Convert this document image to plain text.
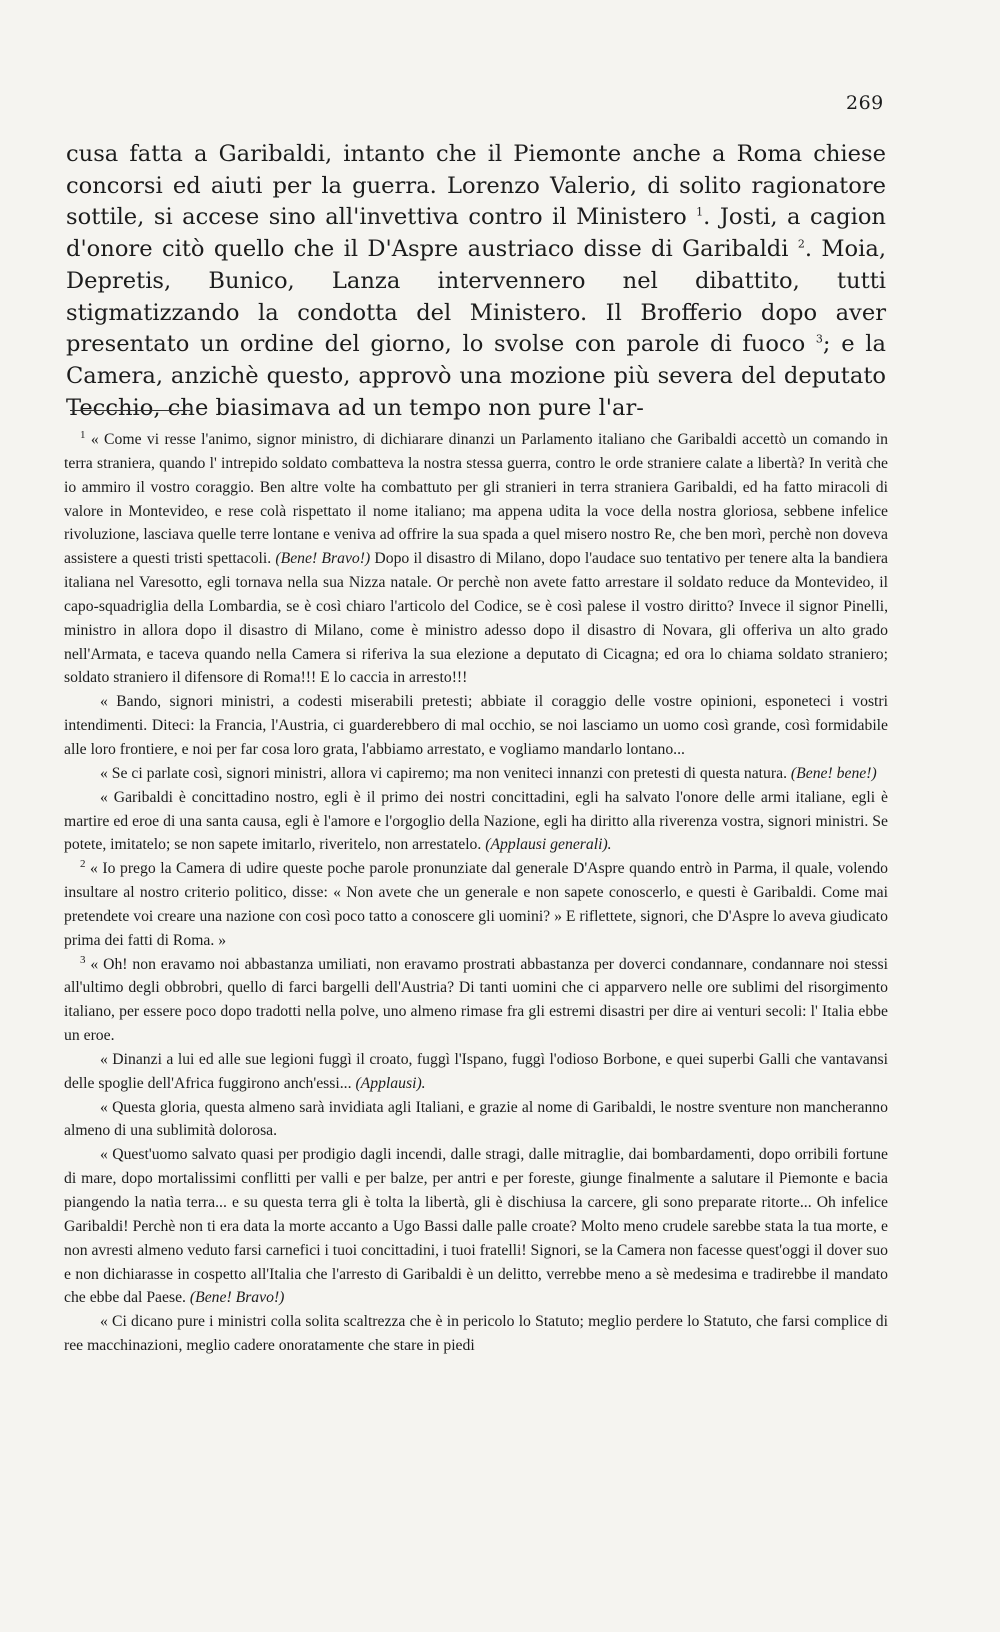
269

cusa fatta a Garibaldi, intanto che il Piemonte anche a Roma chiese concorsi ed aiuti per la guerra. Lorenzo Valerio, di solito ragionatore sottile, si accese sino all'invettiva contro il Ministero $^1$. Josti, a cagion d'onore citò quello che il D'Aspre austriaco disse di Garibaldi $^2$. Moia, Depretis, Bunico, Lanza intervennero nel dibattito, tutti stigmatizzando la condotta del Ministero. Il Brofferio dopo aver presentato un ordine del giorno, lo svolse con parole di fuoco $^3$; e la Camera, anzichè questo, approvò una mozione più severa del deputato Tecchio, che biasimava ad un tempo non pure l'ar-

$^1$ « Come vi resse l'animo, signor ministro, di dichiarare dinanzi un Parlamento italiano che Garibaldi accettò un comando in terra straniera, quando l' intrepido soldato combatteva la nostra stessa guerra, contro le orde straniere calate a libertà? In verità che io ammiro il vostro coraggio. Ben altre volte ha combattuto per gli stranieri in terra straniera Garibaldi, ed ha fatto miracoli di valore in Montevideo, e rese colà rispettato il nome italiano; ma appena udita la voce della nostra gloriosa, sebbene infelice rivoluzione, lasciava quelle terre lontane e veniva ad offrire la sua spada a quel misero nostro Re, che ben morì, perchè non doveva assistere a questi tristi spettacoli. (Bene! Bravo!) Dopo il disastro di Milano, dopo l'audace suo tentativo per tenere alta la bandiera italiana nel Varesotto, egli tornava nella sua Nizza natale. Or perchè non avete fatto arrestare il soldato reduce da Montevideo, il capo-squadriglia della Lombardia, se è così chiaro l'articolo del Codice, se è così palese il vostro diritto? Invece il signor Pinelli, ministro in allora dopo il disastro di Milano, come è ministro adesso dopo il disastro di Novara, gli offeriva un alto grado nell'Armata, e taceva quando nella Camera si riferiva la sua elezione a deputato di Cicagna; ed ora lo chiama soldato straniero; soldato straniero il difensore di Roma!!! E lo caccia in arresto!!!

« Bando, signori ministri, a codesti miserabili pretesti; abbiate il coraggio delle vostre opinioni, esponeteci i vostri intendimenti. Diteci: la Francia, l'Austria, ci guarderebbero di mal occhio, se noi lasciamo un uomo così grande, così formidabile alle loro frontiere, e noi per far cosa loro grata, l'abbiamo arrestato, e vogliamo mandarlo lontano...

« Se ci parlate così, signori ministri, allora vi capiremo; ma non veniteci innanzi con pretesti di questa natura. (Bene! bene!)

« Garibaldi è concittadino nostro, egli è il primo dei nostri concittadini, egli ha salvato l'onore delle armi italiane, egli è martire ed eroe di una santa causa, egli è l'amore e l'orgoglio della Nazione, egli ha diritto alla riverenza vostra, signori ministri. Se potete, imitatelo; se non sapete imitarlo, riveritelo, non arrestatelo. (Applausi generali).

$^2$ « Io prego la Camera di udire queste poche parole pronunziate dal generale D'Aspre quando entrò in Parma, il quale, volendo insultare al nostro criterio politico, disse: « Non avete che un generale e non sapete conoscerlo, e questi è Garibaldi. Come mai pretendete voi creare una nazione con così poco tatto a conoscere gli uomini? » E riflettete, signori, che D'Aspre lo aveva giudicato prima dei fatti di Roma. »

$^3$ « Oh! non eravamo noi abbastanza umiliati, non eravamo prostrati abbastanza per doverci condannare, condannare noi stessi all'ultimo degli obbrobri, quello di farci bargelli dell'Austria? Di tanti uomini che ci apparvero nelle ore sublimi del risorgimento italiano, per essere poco dopo tradotti nella polve, uno almeno rimase fra gli estremi disastri per dire ai venturi secoli: l' Italia ebbe un eroe.

« Dinanzi a lui ed alle sue legioni fuggì il croato, fuggì l'Ispano, fuggì l'odioso Borbone, e quei superbi Galli che vantavansi delle spoglie dell'Africa fuggirono anch'essi... (Applausi).

« Questa gloria, questa almeno sarà invidiata agli Italiani, e grazie al nome di Garibaldi, le nostre sventure non mancheranno almeno di una sublimità dolorosa.

« Quest'uomo salvato quasi per prodigio dagli incendi, dalle stragi, dalle mitraglie, dai bombardamenti, dopo orribili fortune di mare, dopo mortalissimi conflitti per valli e per balze, per antri e per foreste, giunge finalmente a salutare il Piemonte e bacia piangendo la natìa terra... e su questa terra gli è tolta la libertà, gli è dischiusa la carcere, gli sono preparate ritorte... Oh infelice Garibaldi! Perchè non ti era data la morte accanto a Ugo Bassi dalle palle croate? Molto meno crudele sarebbe stata la tua morte, e non avresti almeno veduto farsi carnefici i tuoi concittadini, i tuoi fratelli! Signori, se la Camera non facesse quest'oggi il dover suo e non dichiarasse in cospetto all'Italia che l'arresto di Garibaldi è un delitto, verrebbe meno a sè medesima e tradirebbe il mandato che ebbe dal Paese. (Bene! Bravo!)

« Ci dicano pure i ministri colla solita scaltrezza che è in pericolo lo Statuto; meglio perdere lo Statuto, che farsi complice di ree macchinazioni, meglio cadere onoratamente che stare in piedi
